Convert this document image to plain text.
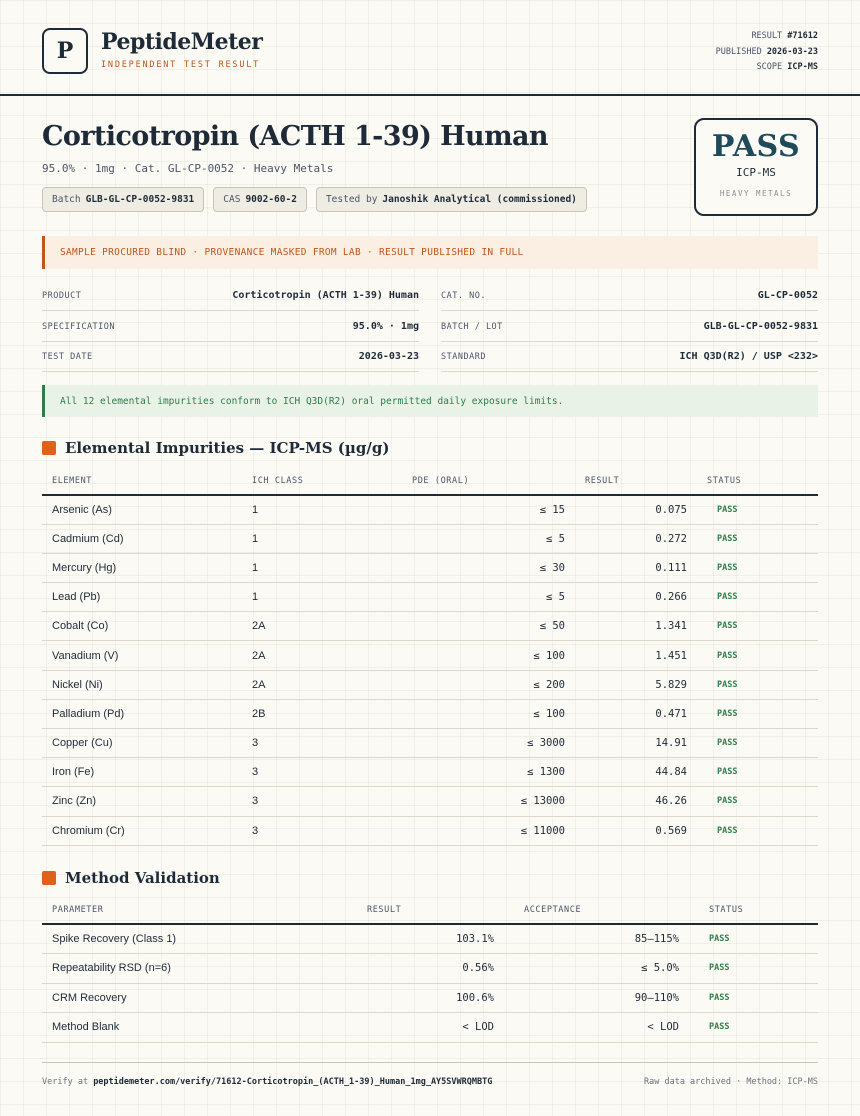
P PeptideMeter
INDEPENDENT TEST RESULT
RESULT #71612
PUBLISHED 2026-03-23
SCOPE ICP-MS
Corticotropin (ACTH 1-39) Human
95.0% · 1mg · Cat. GL-CP-0052 · Heavy Metals
Batch GLB-GL-CP-0052-9831	CAS 9002-60-2	Tested by Janoshik Analytical (commissioned)
PASS
ICP-MS
HEAVY METALS
SAMPLE PROCURED BLIND · PROVENANCE MASKED FROM LAB · RESULT PUBLISHED IN FULL
PRODUCT	Corticotropin (ACTH 1-39) Human	CAT. NO.	GL-CP-0052
SPECIFICATION	95.0% · 1mg	BATCH / LOT	GLB-GL-CP-0052-9831
TEST DATE	2026-03-23	STANDARD	ICH Q3D(R2) / USP <232>
All 12 elemental impurities conform to ICH Q3D(R2) oral permitted daily exposure limits.
Elemental Impurities — ICP-MS (µg/g)
ELEMENT	ICH CLASS	PDE (ORAL)	RESULT	STATUS
Arsenic (As)	1	≤ 15	0.075	PASS
Cadmium (Cd)	1	≤ 5	0.272	PASS
Mercury (Hg)	1	≤ 30	0.111	PASS
Lead (Pb)	1	≤ 5	0.266	PASS
Cobalt (Co)	2A	≤ 50	1.341	PASS
Vanadium (V)	2A	≤ 100	1.451	PASS
Nickel (Ni)	2A	≤ 200	5.829	PASS
Palladium (Pd)	2B	≤ 100	0.471	PASS
Copper (Cu)	3	≤ 3000	14.91	PASS
Iron (Fe)	3	≤ 1300	44.84	PASS
Zinc (Zn)	3	≤ 13000	46.26	PASS
Chromium (Cr)	3	≤ 11000	0.569	PASS
Method Validation
PARAMETER	RESULT	ACCEPTANCE	STATUS
Spike Recovery (Class 1)	103.1%	85–115%	PASS
Repeatability RSD (n=6)	0.56%	≤ 5.0%	PASS
CRM Recovery	100.6%	90–110%	PASS
Method Blank	< LOD	< LOD	PASS
Verify at peptidemeter.com/verify/71612-Corticotropin_(ACTH_1-39)_Human_1mg_AY5SVWRQMBTG	Raw data archived · Method: ICP-MS
